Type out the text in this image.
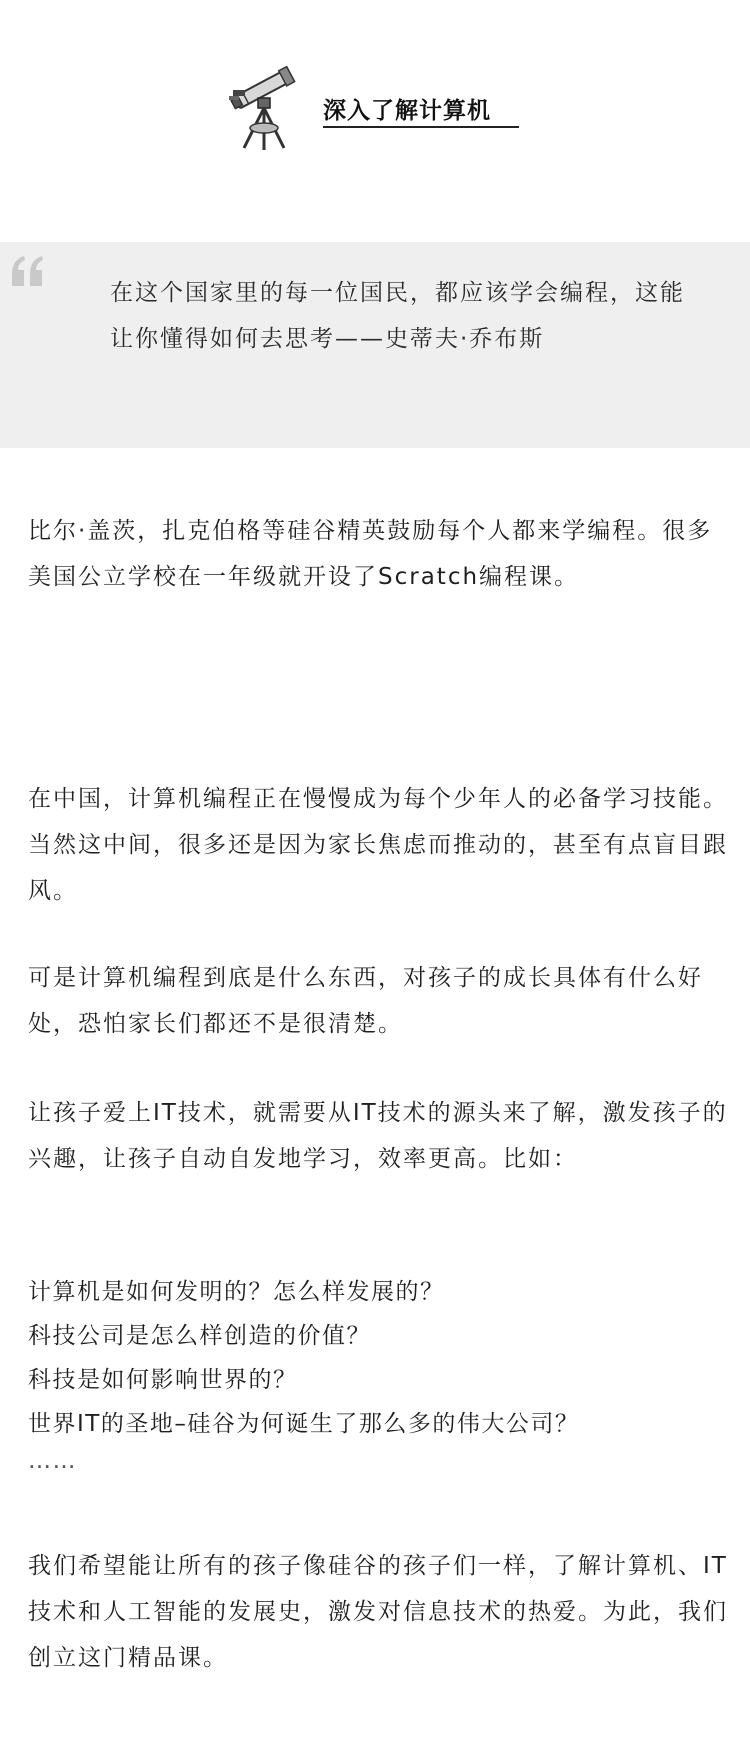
深入了解计算机
在这个国家里的每一位国民，都应该学会编程，这能让你懂得如何去思考——史蒂夫·乔布斯

比尔·盖茨，扎克伯格等硅谷精英鼓励每个人都来学编程。很多美国公立学校在一年级就开设了Scratch编程课。

在中国，计算机编程正在慢慢成为每个少年人的必备学习技能。当然这中间，很多还是因为家长焦虑而推动的，甚至有点盲目跟风。

可是计算机编程到底是什么东西，对孩子的成长具体有什么好处，恐怕家长们都还不是很清楚。

让孩子爱上IT技术，就需要从IT技术的源头来了解，激发孩子的兴趣，让孩子自动自发地学习，效率更高。比如：

计算机是如何发明的？怎么样发展的？
科技公司是怎么样创造的价值？
科技是如何影响世界的？
世界IT的圣地–硅谷为何诞生了那么多的伟大公司？
……

我们希望能让所有的孩子像硅谷的孩子们一样，了解计算机、IT技术和人工智能的发展史，激发对信息技术的热爱。为此，我们创立这门精品课。
